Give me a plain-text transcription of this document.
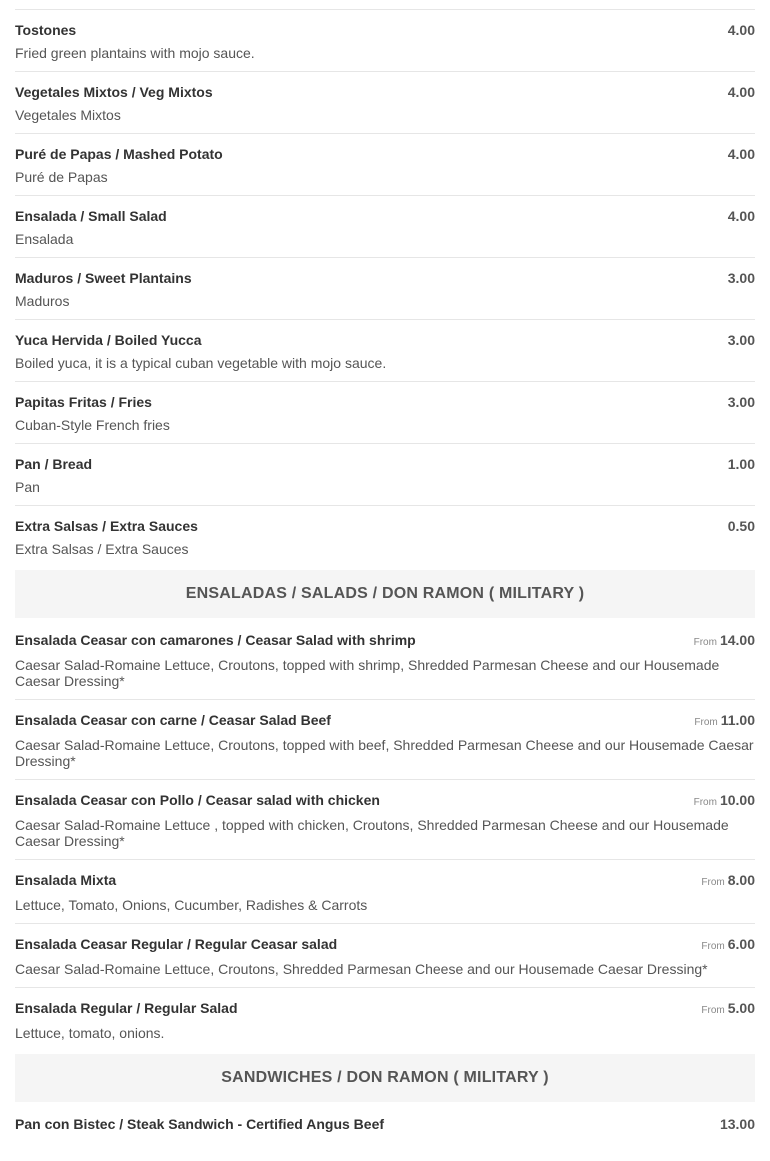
Tostones	4.00
Fried green plantains with mojo sauce.
Vegetales Mixtos / Veg Mixtos	4.00
Vegetales Mixtos
Puré de Papas / Mashed Potato	4.00
Puré de Papas
Ensalada / Small Salad	4.00
Ensalada
Maduros / Sweet Plantains	3.00
Maduros
Yuca Hervida / Boiled Yucca	3.00
Boiled yuca, it is a typical cuban vegetable with mojo sauce.
Papitas Fritas / Fries	3.00
Cuban-Style French fries
Pan / Bread	1.00
Pan
Extra Salsas / Extra Sauces	0.50
Extra Salsas / Extra Sauces
ENSALADAS / SALADS / DON RAMON ( MILITARY )
Ensalada Ceasar con camarones / Ceasar Salad with shrimp	From 14.00
Caesar Salad-Romaine Lettuce, Croutons, topped with shrimp, Shredded Parmesan Cheese and our Housemade Caesar Dressing*
Ensalada Ceasar con carne / Ceasar Salad Beef	From 11.00
Caesar Salad-Romaine Lettuce, Croutons, topped with beef, Shredded Parmesan Cheese and our Housemade Caesar Dressing*
Ensalada Ceasar con Pollo / Ceasar salad with chicken	From 10.00
Caesar Salad-Romaine Lettuce , topped with chicken, Croutons, Shredded Parmesan Cheese and our Housemade Caesar Dressing*
Ensalada Mixta	From 8.00
Lettuce, Tomato, Onions, Cucumber, Radishes & Carrots
Ensalada Ceasar Regular / Regular Ceasar salad	From 6.00
Caesar Salad-Romaine Lettuce, Croutons, Shredded Parmesan Cheese and our Housemade Caesar Dressing*
Ensalada Regular / Regular Salad	From 5.00
Lettuce, tomato, onions.
SANDWICHES / DON RAMON ( MILITARY )
Pan con Bistec / Steak Sandwich - Certified Angus Beef	13.00
